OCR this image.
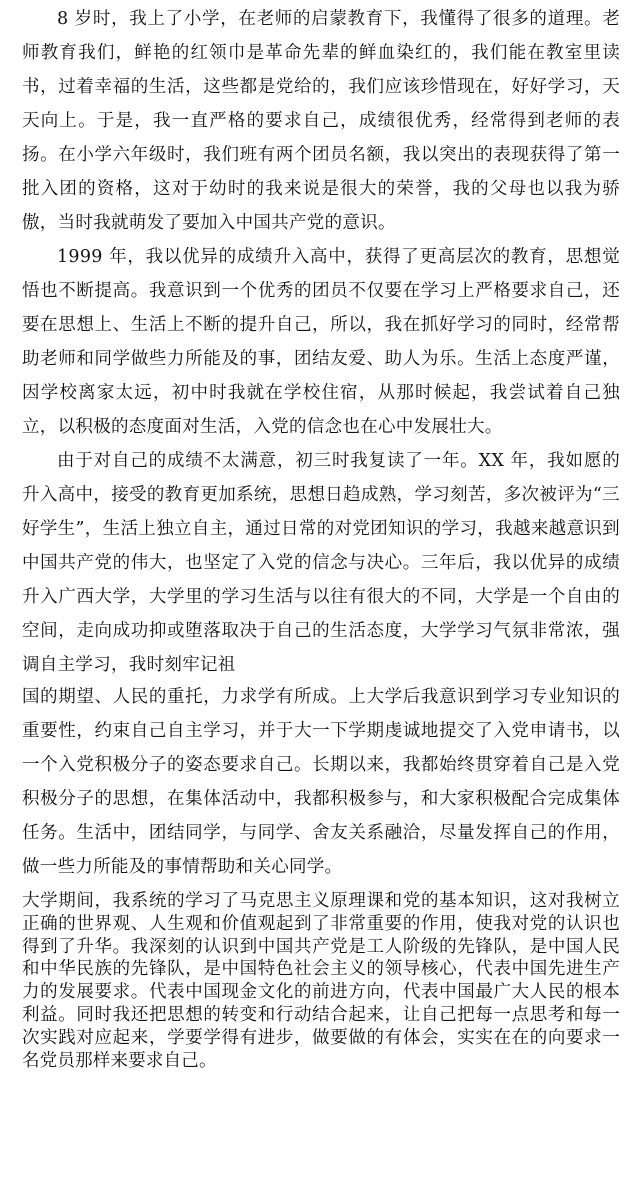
8 岁时，我上了小学，在老师的启蒙教育下，我懂得了很多的道理。老师教育我们，鲜艳的红领巾是革命先辈的鲜血染红的，我们能在教室里读书，过着幸福的生活，这些都是党给的，我们应该珍惜现在，好好学习，天天向上。于是，我一直严格的要求自己，成绩很优秀，经常得到老师的表扬。在小学六年级时，我们班有两个团员名额，我以突出的表现获得了第一批入团的资格，这对于幼时的我来说是很大的荣誉，我的父母也以我为骄傲，当时我就萌发了要加入中国共产党的意识。

1999 年，我以优异的成绩升入高中，获得了更高层次的教育，思想觉悟也不断提高。我意识到一个优秀的团员不仅要在学习上严格要求自己，还要在思想上、生活上不断的提升自己，所以，我在抓好学习的同时，经常帮助老师和同学做些力所能及的事，团结友爱、助人为乐。生活上态度严谨，因学校离家太远，初中时我就在学校住宿，从那时候起，我尝试着自己独立，以积极的态度面对生活，入党的信念也在心中发展壮大。

由于对自己的成绩不太满意，初三时我复读了一年。XX 年，我如愿的升入高中，接受的教育更加系统，思想日趋成熟，学习刻苦，多次被评为“三好学生”，生活上独立自主，通过日常的对党团知识的学习，我越来越意识到中国共产党的伟大，也坚定了入党的信念与决心。三年后，我以优异的成绩升入广西大学，大学里的学习生活与以往有很大的不同，大学是一个自由的空间，走向成功抑或堕落取决于自己的生活态度，大学学习气氛非常浓，强调自主学习，我时刻牢记祖

国的期望、人民的重托，力求学有所成。上大学后我意识到学习专业知识的重要性，约束自己自主学习，并于大一下学期虔诚地提交了入党申请书，以一个入党积极分子的姿态要求自己。长期以来，我都始终贯穿着自己是入党积极分子的思想，在集体活动中，我都积极参与，和大家积极配合完成集体任务。生活中，团结同学，与同学、舍友关系融洽，尽量发挥自己的作用，做一些力所能及的事情帮助和关心同学。

大学期间，我系统的学习了马克思主义原理课和党的基本知识，这对我树立正确的世界观、人生观和价值观起到了非常重要的作用，使我对党的认识也得到了升华。我深刻的认识到中国共产党是工人阶级的先锋队，是中国人民和中华民族的先锋队，是中国特色社会主义的领导核心，代表中国先进生产力的发展要求。代表中国现金文化的前进方向，代表中国最广大人民的根本利益。同时我还把思想的转变和行动结合起来，让自己把每一点思考和每一次实践对应起来，学要学得有进步，做要做的有体会，实实在在的向要求一名党员那样来要求自己。
